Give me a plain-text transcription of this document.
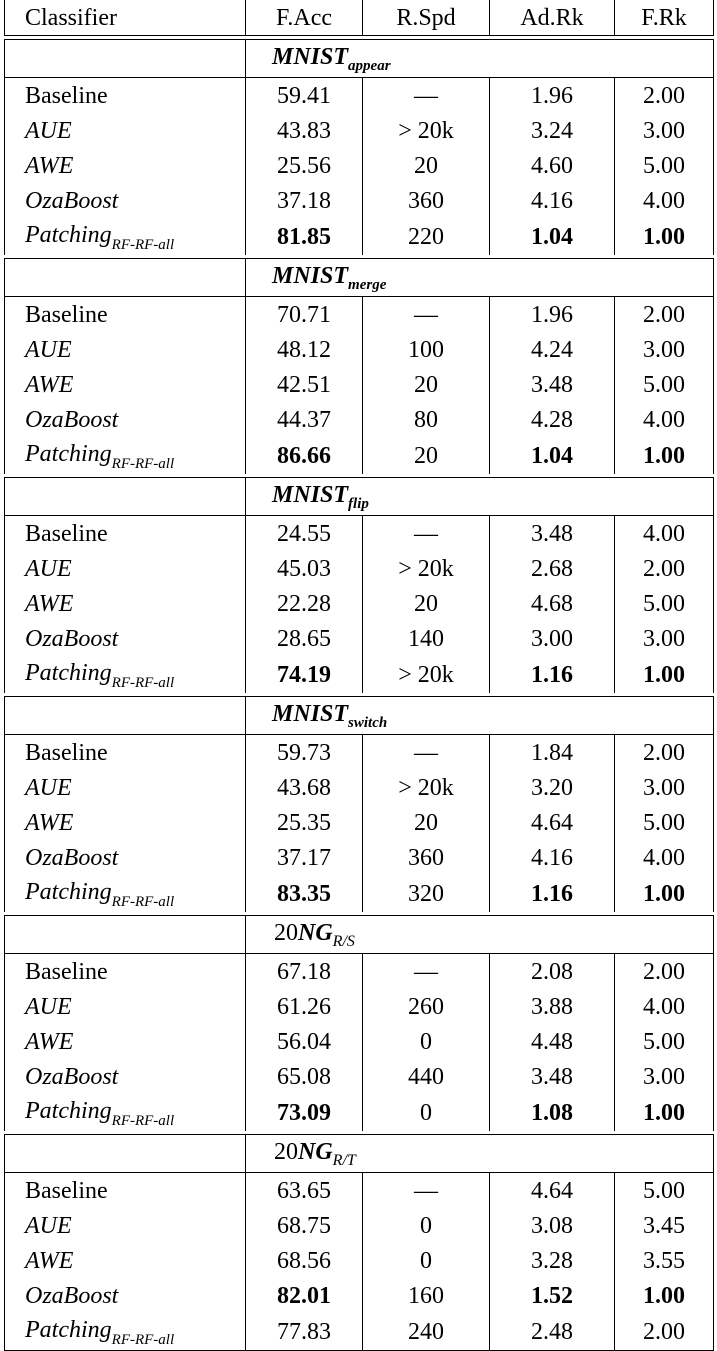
Classifier	F.Acc	R.Spd	Ad.Rk	F.Rk

	$MNIST_{appear}$	
Baseline	59.41	—	1.96	2.00
AUE	43.83	> 20k	3.24	3.00
AWE	25.56	20	4.60	5.00
OzaBoost	37.18	360	4.16	4.00
Patching$_{RF-RF-all}$	81.85	220	1.04	1.00

	$MNIST_{merge}$	
Baseline	70.71	—	1.96	2.00
AUE	48.12	100	4.24	3.00
AWE	42.51	20	3.48	5.00
OzaBoost	44.37	80	4.28	4.00
Patching$_{RF-RF-all}$	86.66	20	1.04	1.00

	$MNIST_{flip}$	
Baseline	24.55	—	3.48	4.00
AUE	45.03	> 20k	2.68	2.00
AWE	22.28	20	4.68	5.00
OzaBoost	28.65	140	3.00	3.00
Patching$_{RF-RF-all}$	74.19	> 20k	1.16	1.00

	$MNIST_{switch}$	
Baseline	59.73	—	1.84	2.00
AUE	43.68	> 20k	3.20	3.00
AWE	25.35	20	4.64	5.00
OzaBoost	37.17	360	4.16	4.00
Patching$_{RF-RF-all}$	83.35	320	1.16	1.00

	$20NG_{R/S}$	
Baseline	67.18	—	2.08	2.00
AUE	61.26	260	3.88	4.00
AWE	56.04	0	4.48	5.00
OzaBoost	65.08	440	3.48	3.00
Patching$_{RF-RF-all}$	73.09	0	1.08	1.00

	$20NG_{R/T}$	
Baseline	63.65	—	4.64	5.00
AUE	68.75	0	3.08	3.45
AWE	68.56	0	3.28	3.55
OzaBoost	82.01	160	1.52	1.00
Patching$_{RF-RF-all}$	77.83	240	2.48	2.00
